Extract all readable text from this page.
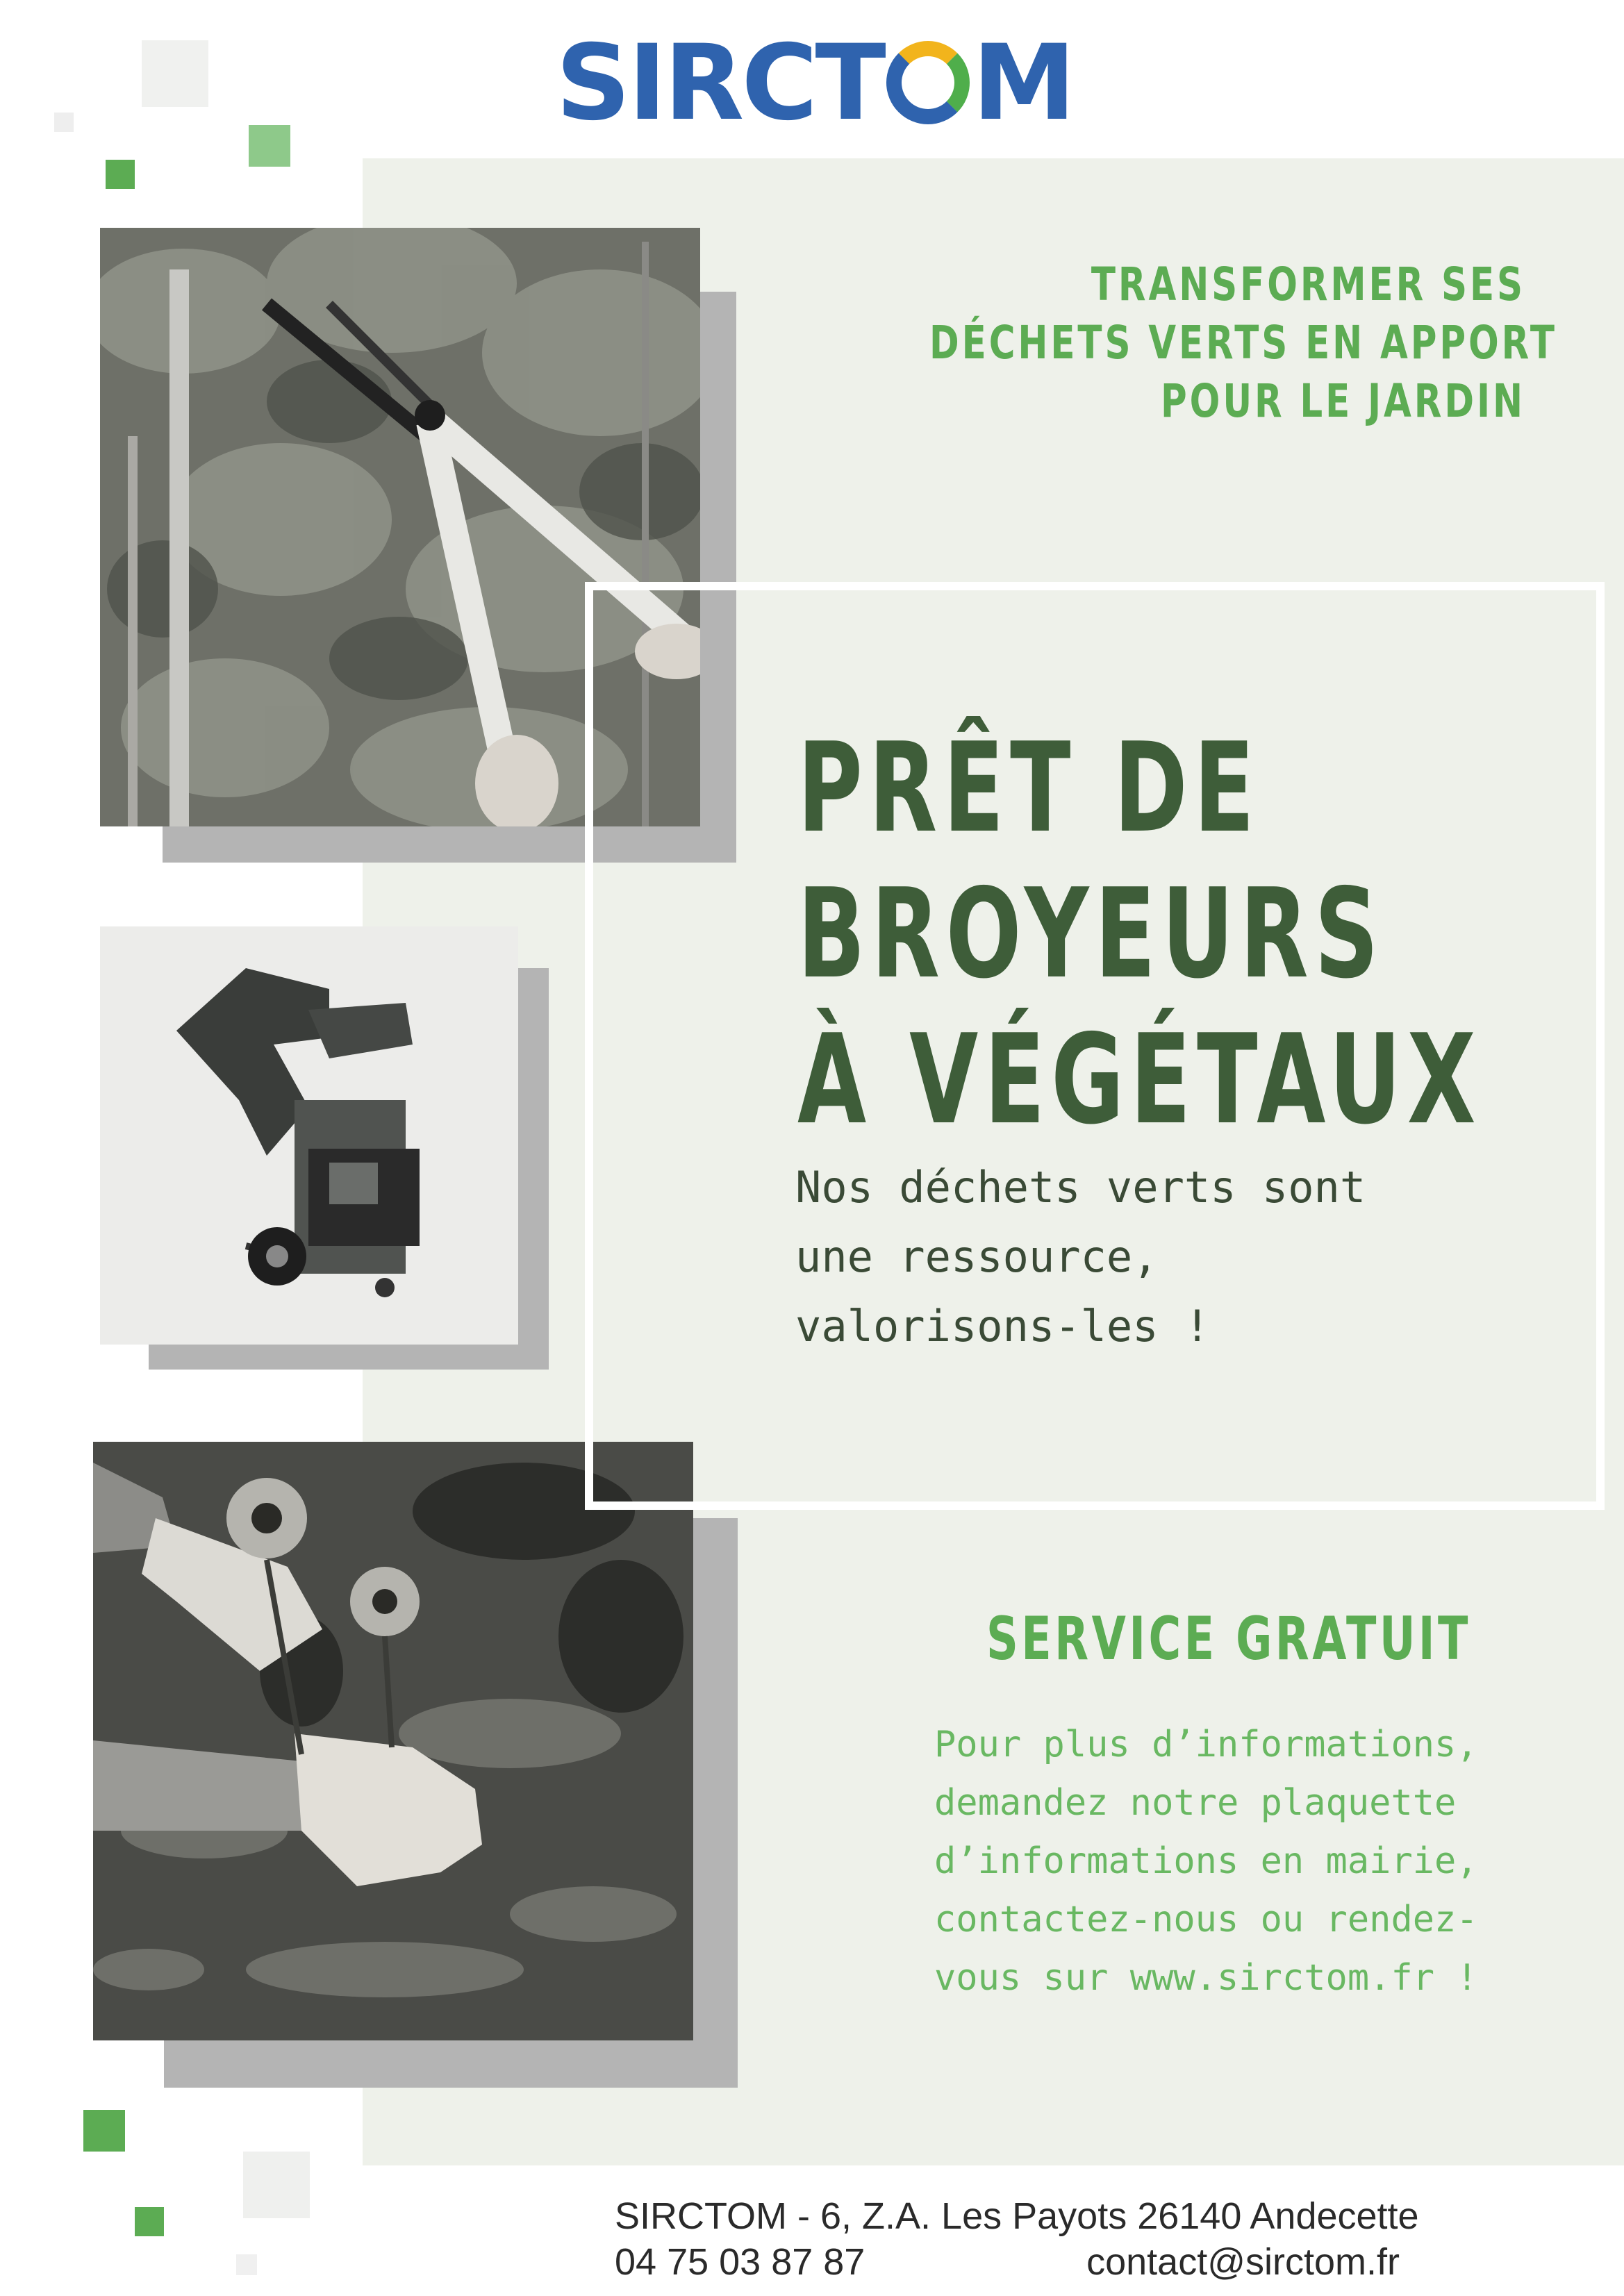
SIRCT M
TRANSFORMER SES
DÉCHETS VERTS EN APPORT
POUR LE JARDIN
PRÊT DE
BROYEURS
À VÉGÉTAUX
Nos déchets verts sont
une ressource,
valorisons-les !
SERVICE GRATUIT
Pour plus d’informations,
demandez notre plaquette
d’informations en mairie,
contactez-nous ou rendez-
vous sur www.sirctom.fr !
SIRCTOM - 6, Z.A. Les Payots 26140 Andecette
04 75 03 87 87	contact@sirctom.fr
